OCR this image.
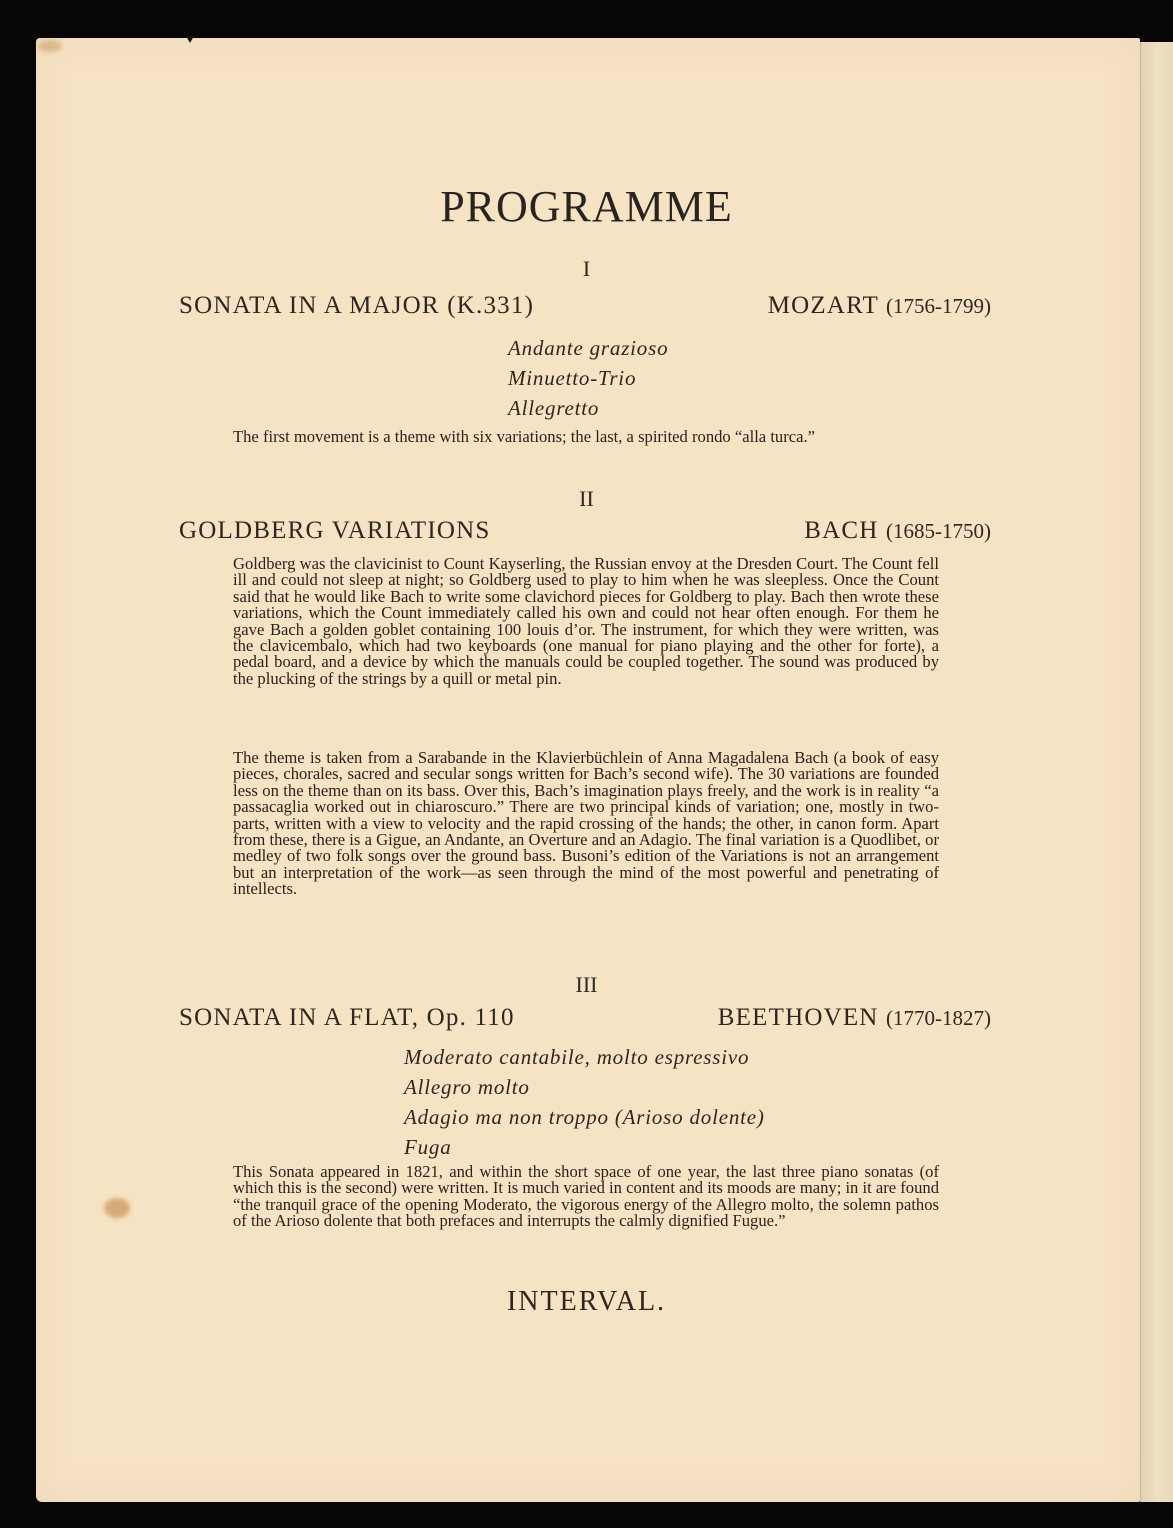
PROGRAMME
I
SONATA IN A MAJOR (K.331)	MOZART (1756-1799)
Andante grazioso
Minuetto-Trio
Allegretto

The first movement is a theme with six variations; the last, a spirited rondo “alla turca.”

II
GOLDBERG VARIATIONS	BACH (1685-1750)

Goldberg was the clavicinist to Count Kayserling, the Russian envoy at the Dresden Court. The Count fell ill and could not sleep at night; so Goldberg used to play to him when he was sleepless. Once the Count said that he would like Bach to write some clavichord pieces for Goldberg to play. Bach then wrote these variations, which the Count immediately called his own and could not hear often enough. For them he gave Bach a golden goblet containing 100 louis d’or. The instrument, for which they were written, was the clavicembalo, which had two keyboards (one manual for piano playing and the other for forte), a pedal board, and a device by which the manuals could be coupled together. The sound was produced by the plucking of the strings by a quill or metal pin.

The theme is taken from a Sarabande in the Klavierbüchlein of Anna Magadalena Bach (a book of easy pieces, chorales, sacred and secular songs written for Bach’s second wife). The 30 variations are founded less on the theme than on its bass. Over this, Bach’s imagination plays freely, and the work is in reality “a passacaglia worked out in chiaroscuro.” There are two principal kinds of variation; one, mostly in two-parts, written with a view to velocity and the rapid crossing of the hands; the other, in canon form. Apart from these, there is a Gigue, an Andante, an Overture and an Adagio. The final variation is a Quodlibet, or medley of two folk songs over the ground bass. Busoni’s edition of the Variations is not an arrangement but an interpretation of the work—as seen through the mind of the most powerful and penetrating of intellects.

III
SONATA IN A FLAT, Op. 110	BEETHOVEN (1770-1827)
Moderato cantabile, molto espressivo
Allegro molto
Adagio ma non troppo (Arioso dolente)
Fuga

This Sonata appeared in 1821, and within the short space of one year, the last three piano sonatas (of which this is the second) were written. It is much varied in content and its moods are many; in it are found “the tranquil grace of the opening Moderato, the vigorous energy of the Allegro molto, the solemn pathos of the Arioso dolente that both prefaces and interrupts the calmly dignified Fugue.”

INTERVAL.
